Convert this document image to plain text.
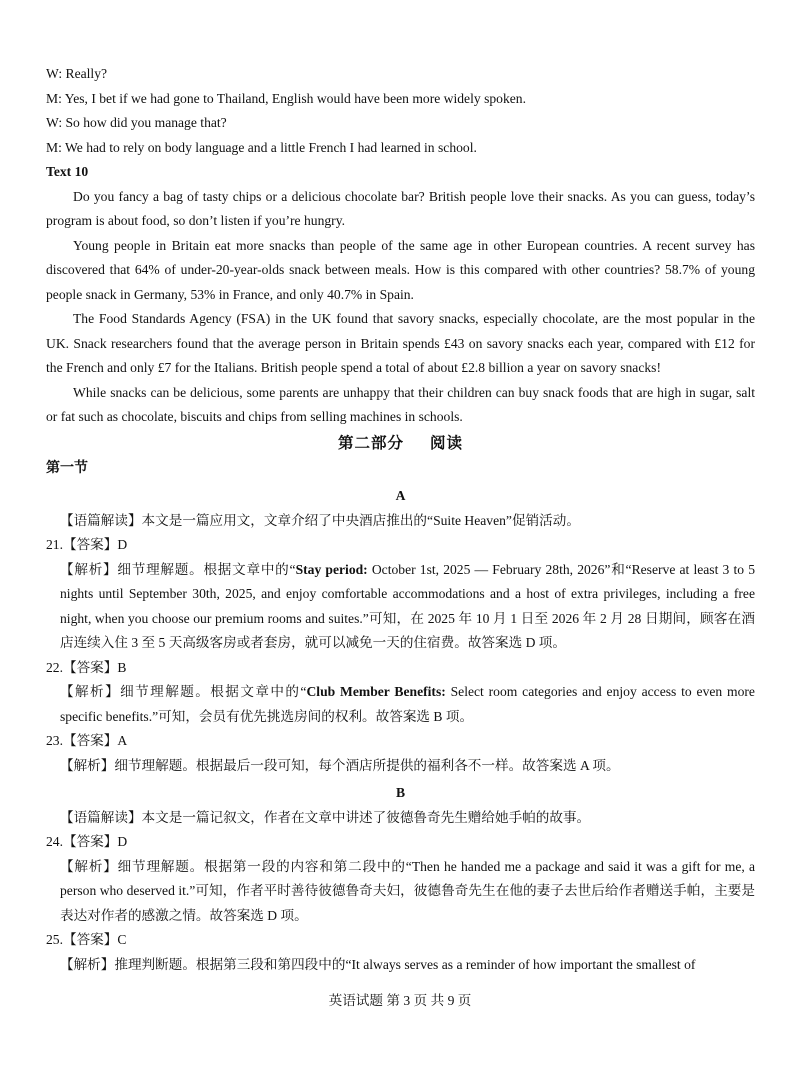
W: Really?

M: Yes, I bet if we had gone to Thailand, English would have been more widely spoken.

W: So how did you manage that?

M: We had to rely on body language and a little French I had learned in school.

Text 10

Do you fancy a bag of tasty chips or a delicious chocolate bar? British people love their snacks. As you can guess, today’s program is about food, so don’t listen if you’re hungry.

Young people in Britain eat more snacks than people of the same age in other European countries. A recent survey has discovered that 64% of under-20-year-olds snack between meals. How is this compared with other countries? 58.7% of young people snack in Germany, 53% in France, and only 40.7% in Spain.

The Food Standards Agency (FSA) in the UK found that savory snacks, especially chocolate, are the most popular in the UK. Snack researchers found that the average person in Britain spends £43 on savory snacks each year, compared with £12 for the French and only £7 for the Italians. British people spend a total of about £2.8 billion a year on savory snacks!

While snacks can be delicious, some parents are unhappy that their children can buy snack foods that are high in sugar, salt or fat such as chocolate, biscuits and chips from selling machines in schools.

第二部分 阅读

第一节

A

【语篇解读】本文是一篇应用文，文章介绍了中央酒店推出的“Suite Heaven”促销活动。

21.【答案】D

【解析】细节理解题。根据文章中的“Stay period: October 1st, 2025 — February 28th, 2026”和“Reserve at least 3 to 5 nights until September 30th, 2025, and enjoy comfortable accommodations and a host of extra privileges, including a free night, when you choose our premium rooms and suites.”可知，在 2025 年 10 月 1 日至 2026 年 2 月 28 日期间，顾客在酒店连续入住 3 至 5 天高级客房或者套房，就可以减免一天的住宿费。故答案选 D 项。

22.【答案】B

【解析】细节理解题。根据文章中的“Club Member Benefits: Select room categories and enjoy access to even more specific benefits.”可知，会员有优先挑选房间的权利。故答案选 B 项。

23.【答案】A

【解析】细节理解题。根据最后一段可知，每个酒店所提供的福利各不一样。故答案选 A 项。

B

【语篇解读】本文是一篇记叙文，作者在文章中讲述了彼德鲁奇先生赠给她手帕的故事。

24.【答案】D

【解析】细节理解题。根据第一段的内容和第二段中的“Then he handed me a package and said it was a gift for me, a person who deserved it.”可知，作者平时善待彼德鲁奇夫妇，彼德鲁奇先生在他的妻子去世后给作者赠送手帕，主要是表达对作者的感激之情。故答案选 D 项。

25.【答案】C

【解析】推理判断题。根据第三段和第四段中的“It always serves as a reminder of how important the smallest of

英语试题 第 3 页 共 9 页
